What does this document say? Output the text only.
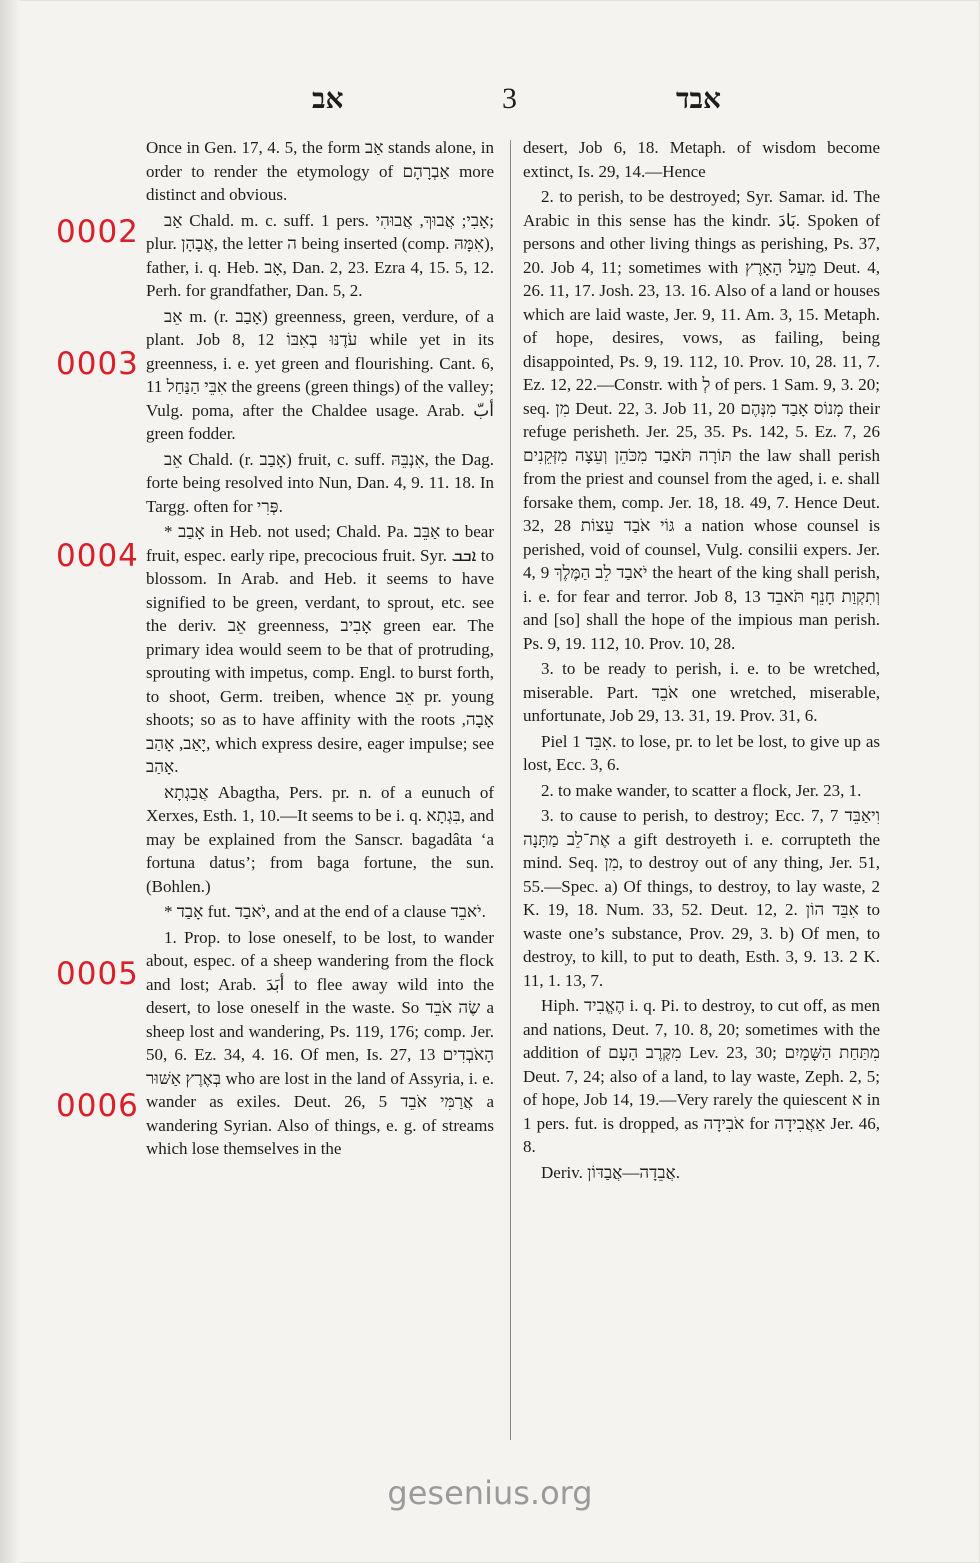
אב	3	אבד
0002
0003
0004
0005
0006

Once in Gen. 17, 4. 5, the form אַב stands alone, in order to render the etymology of אַבְרָהָם more distinct and obvious.

אַב Chald. m. c. suff. 1 pers. אָבִי; אֲבוּךְ, אֲבוּהִי; plur. אֲבָהָן, the letter ה being inserted (comp. אִמָּהּ), father, i. q. Heb. אָב, Dan. 2, 23. Ezra 4, 15. 5, 12. Perh. for grandfather, Dan. 5, 2.

אֵב m. (r. אָבַב) greenness, green, verdure, of a plant. Job 8, 12 עֹדֶנּוּ בְאִבּוֹ while yet in its greenness, i. e. yet green and flourishing. Cant. 6, 11 אִבֵּי הַנַּחַל the greens (green things) of the valley; Vulg. poma, after the Chaldee usage. Arab. أبّ green fodder.

אֵב Chald. (r. אָבַב) fruit, c. suff. אִנְבֵּהּ, the Dag. forte being resolved into Nun, Dan. 4, 9. 11. 18. In Targg. often for פְּרִי.

* אָבַב in Heb. not used; Chald. Pa. אַבֵּב to bear fruit, espec. early ripe, precocious fruit. Syr. ܐܒܒ to blossom. In Arab. and Heb. it seems to have signified to be green, verdant, to sprout, etc. see the deriv. אֵב greenness, אָבִיב green ear. The primary idea would seem to be that of protruding, sprouting with impetus, comp. Engl. to burst forth, to shoot, Germ. treiben, whence אֵב pr. young shoots; so as to have affinity with the roots אָבָה, יָאַב, אָהַב, which express desire, eager impulse; see אָהַב.

אֲבַגְתָא Abagtha, Pers. pr. n. of a eunuch of Xerxes, Esth. 1, 10.—It seems to be i. q. בִּגְתָא, and may be explained from the Sanscr. bagadâta ‘a fortuna datus’; from baga fortune, the sun. (Bohlen.)

* אָבַד fut. יֹאבַד, and at the end of a clause יֹאבֵד.

1. Prop. to lose oneself, to be lost, to wander about, espec. of a sheep wandering from the flock and lost; Arab. أبَدَ to flee away wild into the desert, to lose oneself in the waste. So שֶׂה אֹבֵד a sheep lost and wandering, Ps. 119, 176; comp. Jer. 50, 6. Ez. 34, 4. 16. Of men, Is. 27, 13 הָאֹבְדִים בְּאֶרֶץ אַשּׁוּר who are lost in the land of Assyria, i. e. wander as exiles. Deut. 26, 5 אֲרַמִּי אֹבֵד a wandering Syrian. Also of things, e. g. of streams which lose themselves in the

desert, Job 6, 18. Metaph. of wisdom become extinct, Is. 29, 14.—Hence

2. to perish, to be destroyed; Syr. Samar. id. The Arabic in this sense has the kindr. بَادَ. Spoken of persons and other living things as perishing, Ps. 37, 20. Job 4, 11; sometimes with מֵעַל הָאָרֶץ Deut. 4, 26. 11, 17. Josh. 23, 13. 16. Also of a land or houses which are laid waste, Jer. 9, 11. Am. 3, 15. Metaph. of hope, desires, vows, as failing, being disappointed, Ps. 9, 19. 112, 10. Prov. 10, 28. 11, 7. Ez. 12, 22.—Constr. with לְ of pers. 1 Sam. 9, 3. 20; seq. מִן Deut. 22, 3. Job 11, 20 מָנוֹס אָבַד מִנְּהֶם their refuge perisheth. Jer. 25, 35. Ps. 142, 5. Ez. 7, 26 תּוֹרָה תֹּאבַד מִכֹּהֵן וְעֵצָה מִזְּקֵנִים the law shall perish from the priest and counsel from the aged, i. e. shall forsake them, comp. Jer. 18, 18. 49, 7. Hence Deut. 32, 28 גּוֹי אֹבַד עֵצוֹת a nation whose counsel is perished, void of counsel, Vulg. consilii expers. Jer. 4, 9 יֹאבַד לֵב הַמֶּלֶךְ the heart of the king shall perish, i. e. for fear and terror. Job 8, 13 וְתִקְוַת חָנֵף תֹּאבֵד and [so] shall the hope of the impious man perish. Ps. 9, 19. 112, 10. Prov. 10, 28.

3. to be ready to perish, i. e. to be wretched, miserable. Part. אֹבֵד one wretched, miserable, unfortunate, Job 29, 13. 31, 19. Prov. 31, 6.

Piel אִבֵּד 1. to lose, pr. to let be lost, to give up as lost, Ecc. 3, 6.

2. to make wander, to scatter a flock, Jer. 23, 1.

3. to cause to perish, to destroy; Ecc. 7, 7 וִיאַבֵּד אֶת־לֵב מַתָּנָה a gift destroyeth i. e. corrupteth the mind. Seq. מִן, to destroy out of any thing, Jer. 51, 55.—Spec. a) Of things, to destroy, to lay waste, 2 K. 19, 18. Num. 33, 52. Deut. 12, 2. אִבֵּד הוֹן to waste one’s substance, Prov. 29, 3. b) Of men, to destroy, to kill, to put to death, Esth. 3, 9. 13. 2 K. 11, 1. 13, 7.

Hiph. הֶאֱבִיד i. q. Pi. to destroy, to cut off, as men and nations, Deut. 7, 10. 8, 20; sometimes with the addition of מִקֶּרֶב הָעָם Lev. 23, 30; מִתַּחַת הַשָּׁמָיִם Deut. 7, 24; also of a land, to lay waste, Zeph. 2, 5; of hope, Job 14, 19.—Very rarely the quiescent א in 1 pers. fut. is dropped, as אֹבִידָה for אַאֲבִידָה Jer. 46, 8.

Deriv. אֲבֵדָה—אֲבַדּוֹן.

gesenius.org
